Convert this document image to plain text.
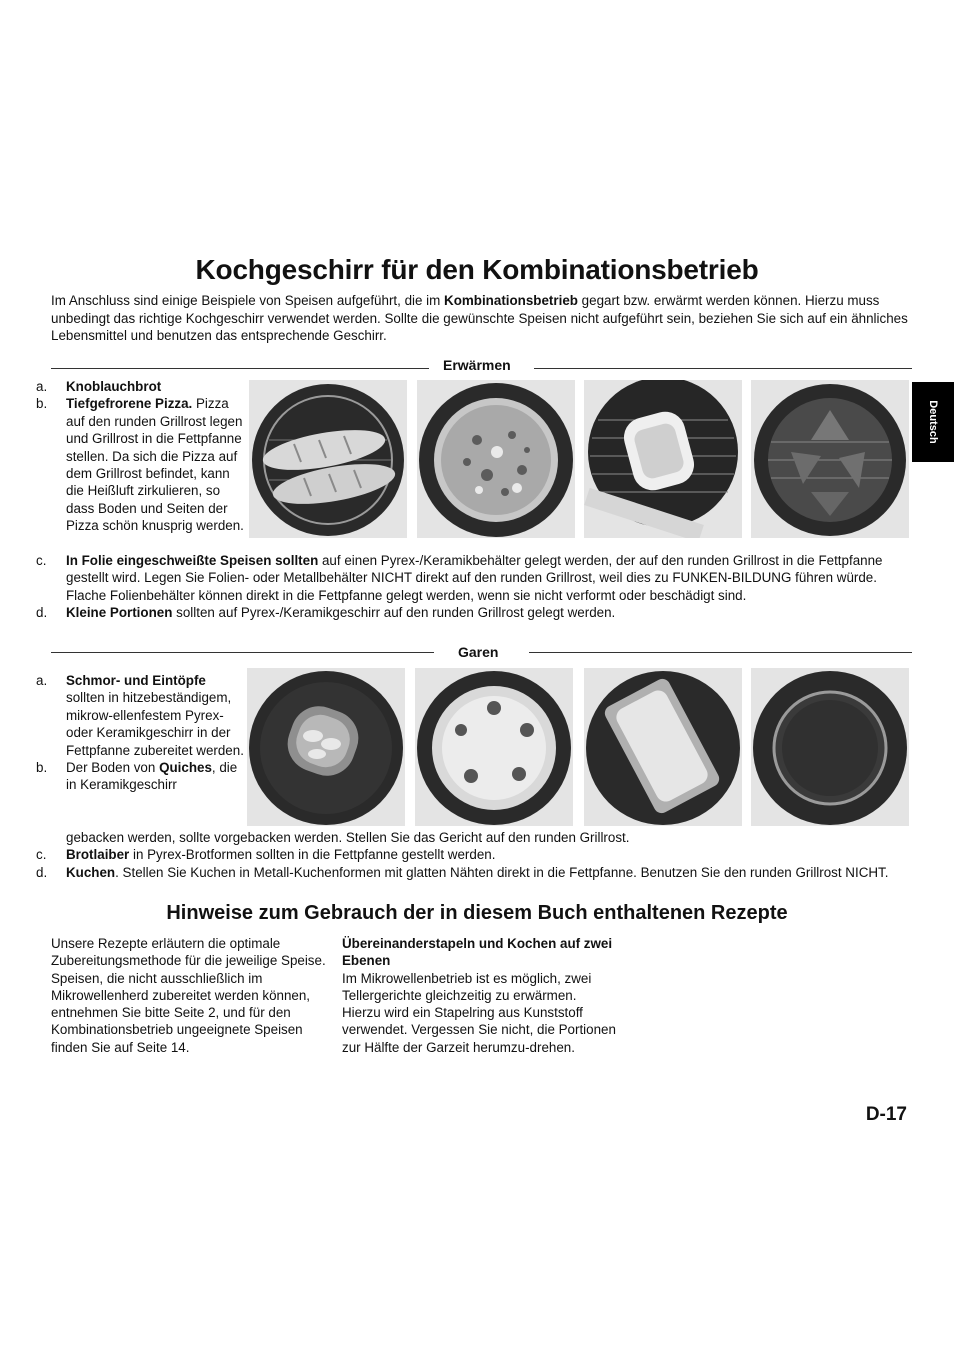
Kochgeschirr für den Kombinationsbetrieb
Im Anschluss sind einige Beispiele von Speisen aufgeführt, die im Kombinationsbetrieb gegart bzw. erwärmt werden können. Hierzu muss unbedingt das richtige Kochgeschirr verwendet werden. Sollte die gewünschte Speisen nicht aufgeführt sein, beziehen Sie sich auf ein ähnliches Lebensmittel und benutzen das entsprechende Geschirr.
Deutsch
Erwärmen
a. Knoblauchbrot
b. Tiefgefrorene Pizza. Pizza auf den runden Grillrost legen und Grillrost in die Fettpfanne stellen. Da sich die Pizza auf dem Grillrost befindet, kann die Heißluft zirkulieren, so dass Boden und Seiten der Pizza schön knusprig werden.
c. In Folie eingeschweißte Speisen sollten auf einen Pyrex-/Keramikbehälter gelegt werden, der auf den runden Grillrost in die Fettpfanne gestellt wird. Legen Sie Folien- oder Metallbehälter NICHT direkt auf den runden Grillrost, weil dies zu FUNKEN-BILDUNG führen würde. Flache Folienbehälter können direkt in die Fettpfanne gelegt werden, wenn sie nicht verformt oder beschädigt sind.
d. Kleine Portionen sollten auf Pyrex-/Keramikgeschirr auf den runden Grillrost gelegt werden.
Garen
a. Schmor- und Eintöpfe sollten in hitzebeständigem, mikrow-ellenfestem Pyrex- oder Keramikgeschirr in der Fettpfanne zubereitet werden.
b. Der Boden von Quiches, die in Keramikgeschirr
gebacken werden, sollte vorgebacken werden. Stellen Sie das Gericht auf den runden Grillrost.
c. Brotlaiber in Pyrex-Brotformen sollten in die Fettpfanne gestellt werden.
d. Kuchen. Stellen Sie Kuchen in Metall-Kuchenformen mit glatten Nähten direkt in die Fettpfanne. Benutzen Sie den runden Grillrost NICHT.
Hinweise zum Gebrauch der in diesem Buch enthaltenen Rezepte
Unsere Rezepte erläutern die optimale Zubereitungsmethode für die jeweilige Speise. Speisen, die nicht ausschließlich im Mikrowellenherd zubereitet werden können, entnehmen Sie bitte Seite 2, und für den Kombinationsbetrieb ungeeignete Speisen finden Sie auf Seite 14.
Übereinanderstapeln und Kochen auf zwei Ebenen
Im Mikrowellenbetrieb ist es möglich, zwei Tellergerichte gleichzeitig zu erwärmen. Hierzu wird ein Stapelring aus Kunststoff verwendet. Vergessen Sie nicht, die Portionen zur Hälfte der Garzeit herumzu-drehen.
D-17
